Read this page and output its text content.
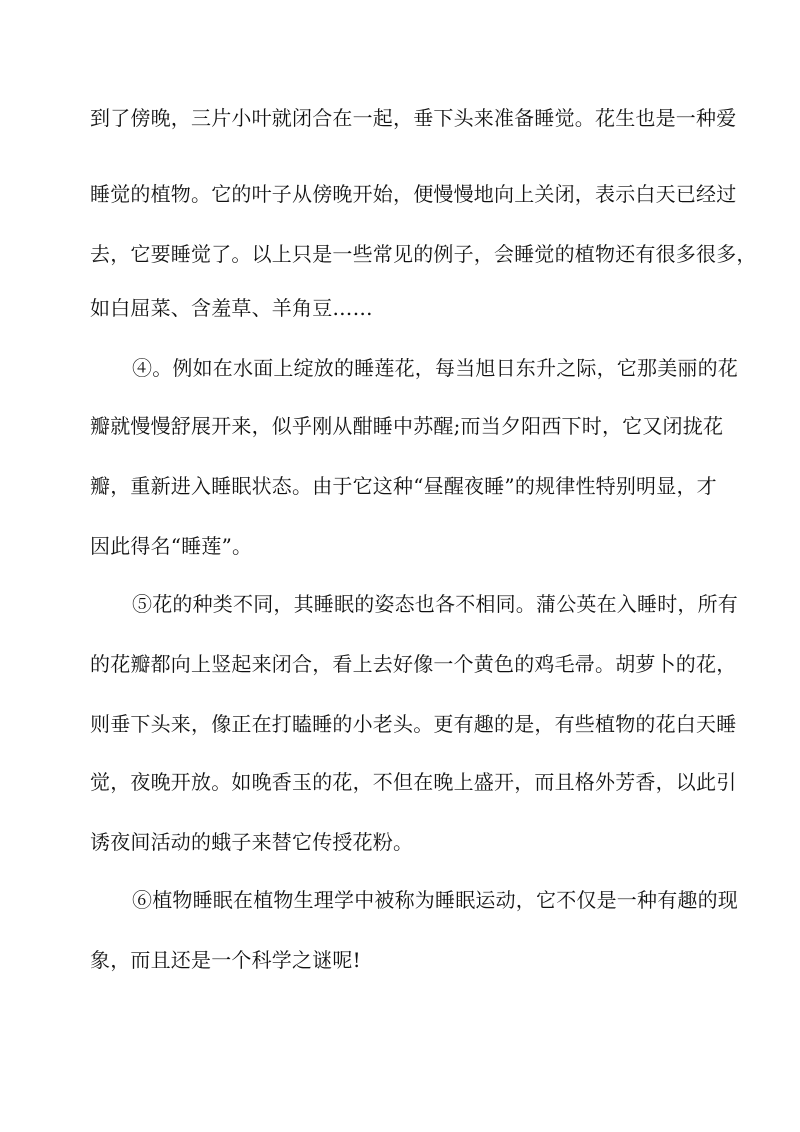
到了傍晚，三片小叶就闭合在一起，垂下头来准备睡觉。花生也是一种爱
睡觉的植物。它的叶子从傍晚开始，便慢慢地向上关闭，表示白天已经过
去，它要睡觉了。以上只是一些常见的例子，会睡觉的植物还有很多很多，
如白屈菜、含羞草、羊角豆……
④。例如在水面上绽放的睡莲花，每当旭日东升之际，它那美丽的花
瓣就慢慢舒展开来，似乎刚从酣睡中苏醒;而当夕阳西下时，它又闭拢花
瓣，重新进入睡眠状态。由于它这种“昼醒夜睡”的规律性特别明显，才
因此得名“睡莲”。
⑤花的种类不同，其睡眠的姿态也各不相同。蒲公英在入睡时，所有
的花瓣都向上竖起来闭合，看上去好像一个黄色的鸡毛帚。胡萝卜的花，
则垂下头来，像正在打瞌睡的小老头。更有趣的是，有些植物的花白天睡
觉，夜晚开放。如晚香玉的花，不但在晚上盛开，而且格外芳香，以此引
诱夜间活动的蛾子来替它传授花粉。
⑥植物睡眠在植物生理学中被称为睡眠运动，它不仅是一种有趣的现
象，而且还是一个科学之谜呢!
